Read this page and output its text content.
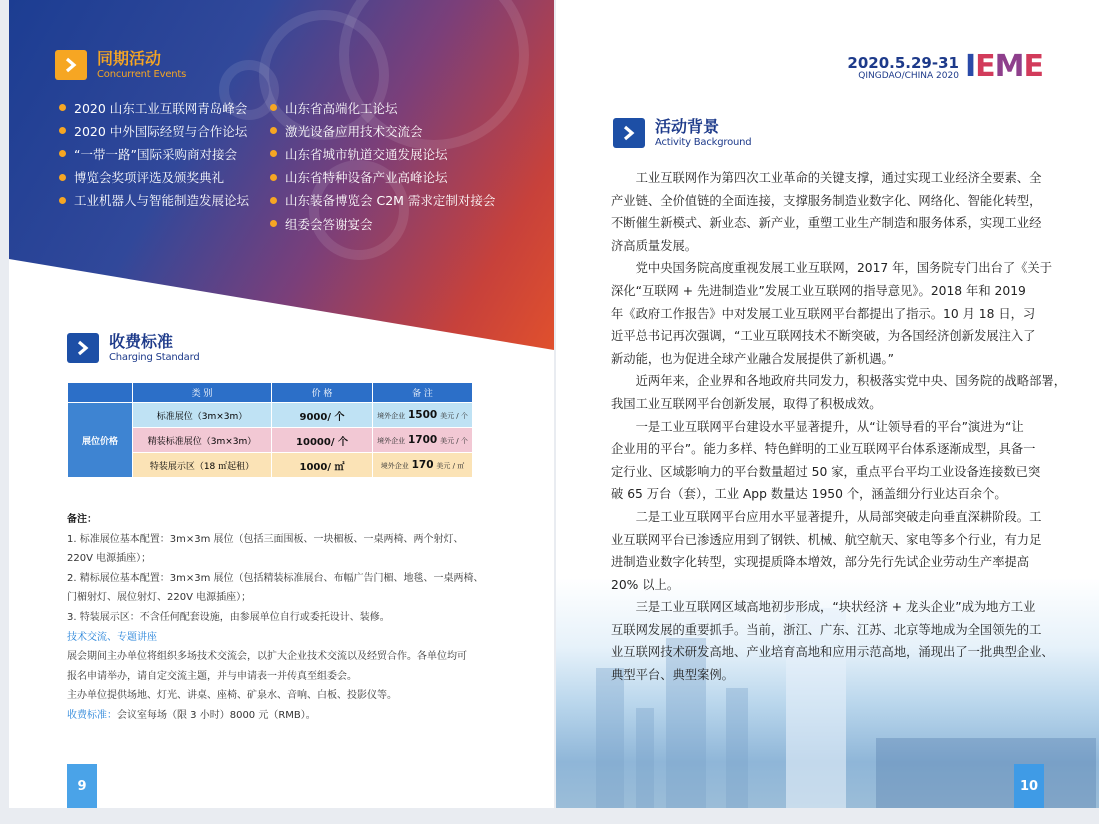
同期活动
Concurrent Events
2020 山东工业互联网青岛峰会
2020 中外国际经贸与合作论坛
“一带一路”国际采购商对接会
博览会奖项评选及颁奖典礼
工业机器人与智能制造发展论坛
山东省高端化工论坛
激光设备应用技术交流会
山东省城市轨道交通发展论坛
山东省特种设备产业高峰论坛
山东装备博览会 C2M 需求定制对接会
组委会答谢宴会
收费标准
Charging Standard
	类 别	价 格	备 注
展位价格	标准展位（3m×3m）	9000/ 个	境外企业 1500 美元 / 个
	精装标准展位（3m×3m）	10000/ 个	境外企业 1700 美元 / 个
	特装展示区（18 ㎡起租）	1000/ ㎡	境外企业 170 美元 / ㎡
备注：
1. 标准展位基本配置：3m×3m 展位（包括三面围板、一块楣板、一桌两椅、两个射灯、
220V 电源插座）；
2. 精标展位基本配置：3m×3m 展位（包括精装标准展台、布幅广告门楣、地毯、一桌两椅、
门楣射灯、展位射灯、220V 电源插座）；
3. 特装展示区：不含任何配套设施，由参展单位自行或委托设计、装修。
技术交流、专题讲座
展会期间主办单位将组织多场技术交流会，以扩大企业技术交流以及经贸合作。各单位均可
报名申请举办，请自定交流主题，并与申请表一并传真至组委会。
主办单位提供场地、灯光、讲桌、座椅、矿泉水、音响、白板、投影仪等。
收费标准：会议室每场（限 3 小时）8000 元（RMB）。
9
2020.5.29-31
QINGDAO/CHINA 2020 IEME
活动背景
Activity Background
　　工业互联网作为第四次工业革命的关键支撑，通过实现工业经济全要素、全
产业链、全价值链的全面连接，支撑服务制造业数字化、网络化、智能化转型，
不断催生新模式、新业态、新产业，重塑工业生产制造和服务体系，实现工业经
济高质量发展。
　　党中央国务院高度重视发展工业互联网，2017 年，国务院专门出台了《关于
深化“互联网 + 先进制造业”发展工业互联网的指导意见》。2018 年和 2019
年《政府工作报告》中对发展工业互联网平台都提出了指示。10 月 18 日，习
近平总书记再次强调，“工业互联网技术不断突破，为各国经济创新发展注入了
新动能，也为促进全球产业融合发展提供了新机遇。”
　　近两年来，企业界和各地政府共同发力，积极落实党中央、国务院的战略部署，
我国工业互联网平台创新发展，取得了积极成效。
　　一是工业互联网平台建设水平显著提升，从“让领导看的平台”演进为“让
企业用的平台”。能力多样、特色鲜明的工业互联网平台体系逐渐成型，具备一
定行业、区域影响力的平台数量超过 50 家，重点平台平均工业设备连接数已突
破 65 万台（套），工业 App 数量达 1950 个，涵盖细分行业达百余个。
　　二是工业互联网平台应用水平显著提升，从局部突破走向垂直深耕阶段。工
业互联网平台已渗透应用到了钢铁、机械、航空航天、家电等多个行业，有力足
进制造业数字化转型，实现提质降本增效，部分先行先试企业劳动生产率提高
20% 以上。
　　三是工业互联网区域高地初步形成，“块状经济 + 龙头企业”成为地方工业
互联网发展的重要抓手。当前，浙江、广东、江苏、北京等地成为全国领先的工
业互联网技术研发高地、产业培育高地和应用示范高地，涌现出了一批典型企业、
典型平台、典型案例。
10
